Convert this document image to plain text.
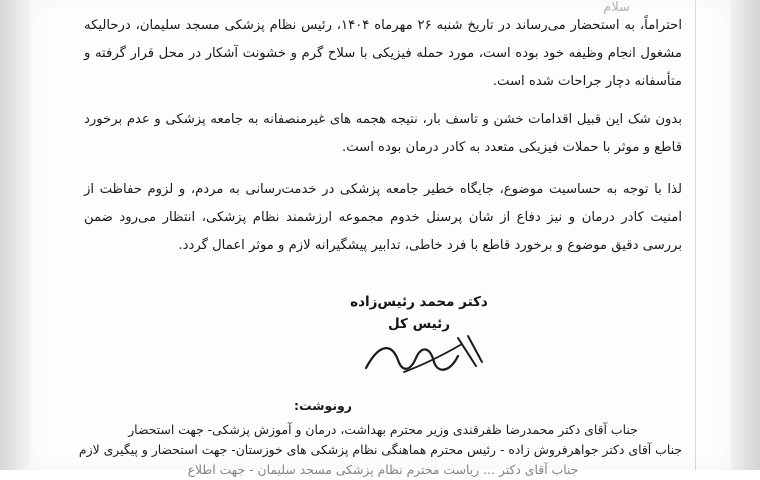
سلام

احتراماً، به استحضار می‌رساند در تاریخ شنبه ۲۶ مهرماه ۱۴۰۴، رئیس نظام پزشکی مسجد سلیمان، درحالیکه مشغول انجام وظیفه خود بوده است، مورد حمله فیزیکی با سلاح گرم و خشونت آشکار در محل قرار گرفته و متأسفانه دچار جراحات شده است.

بدون شک این قبیل اقدامات خشن و تاسف بار، نتیجه هجمه های غیرمنصفانه به جامعه پزشکی و عدم برخورد قاطع و موثر با حملات فیزیکی متعدد به کادر درمان بوده است.

لذا با توجه به حساسیت موضوع، جایگاه خطیر جامعه پزشکی در خدمت‌رسانی به مردم، و لزوم حفاظت از امنیت کادر درمان و نیز دفاع از شان پرسنل خدوم مجموعه ارزشمند نظام پزشکی، انتظار می‌رود ضمن بررسی دقیق موضوع و برخورد قاطع با فرد خاطی، تدابیر پیشگیرانه لازم و موثر اعمال گردد.

دکتر محمد رئیس‌زاده
رئیس کل
رونوشت:
جناب آقای دکتر محمدرضا ظفرقندی وزیر محترم بهداشت، درمان و آموزش پزشکی- جهت استحضار
جناب آقای دکتر جواهرفروش زاده - رئیس محترم هماهنگی نظام پزشکی های خوزستان- جهت استحضار و پیگیری لازم
جناب آقای دکتر ... ریاست محترم نظام پزشکی مسجد سلیمان - جهت اطلاع
